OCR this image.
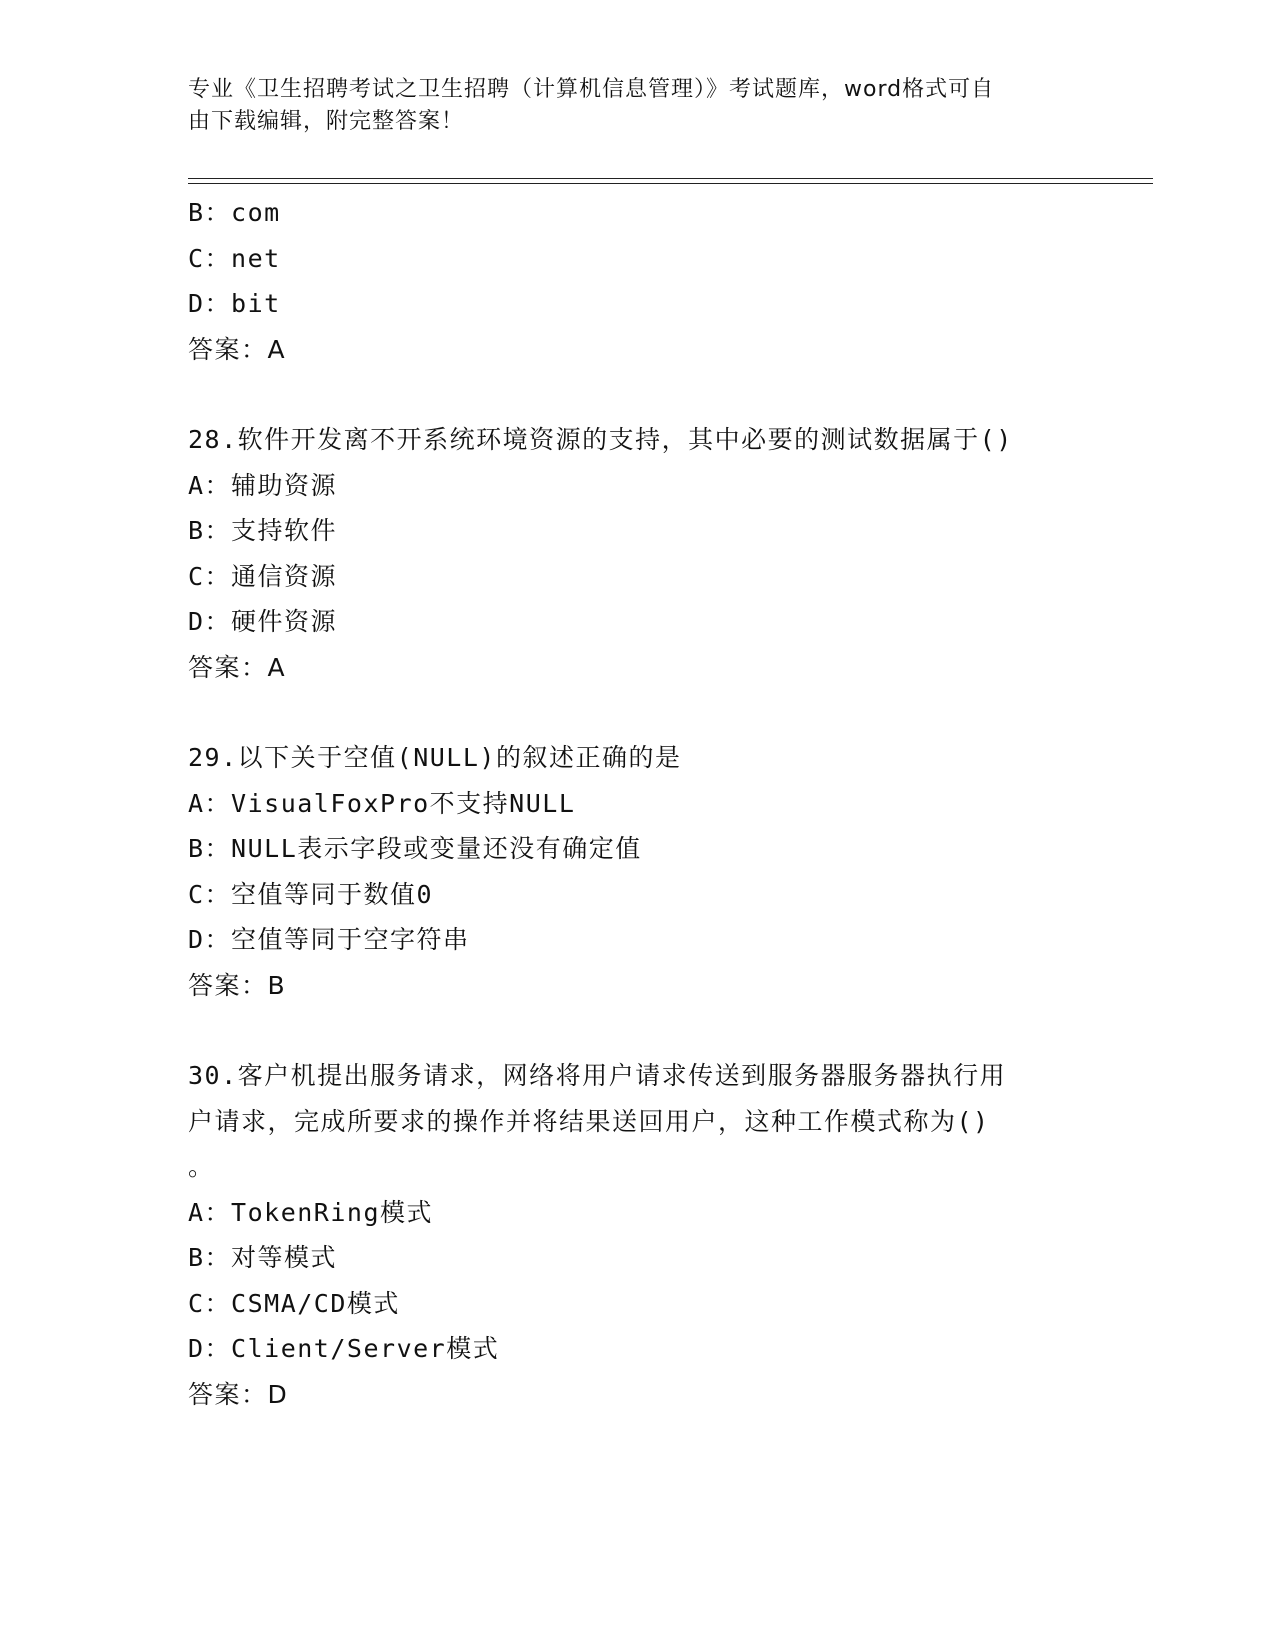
专业《卫生招聘考试之卫生招聘（计算机信息管理）》考试题库，word格式可自
由下载编辑，附完整答案！
B：com
C：net
D：bit
答案：A
28.软件开发离不开系统环境资源的支持，其中必要的测试数据属于()
A：辅助资源
B：支持软件
C：通信资源
D：硬件资源
答案：A
29.以下关于空值(NULL)的叙述正确的是
A：VisualFoxPro不支持NULL
B：NULL表示字段或变量还没有确定值
C：空值等同于数值0
D：空值等同于空字符串
答案：B
30.客户机提出服务请求，网络将用户请求传送到服务器服务器执行用
户请求，完成所要求的操作并将结果送回用户，这种工作模式称为()
。
A：TokenRing模式
B：对等模式
C：CSMA/CD模式
D：Client/Server模式
答案：D
